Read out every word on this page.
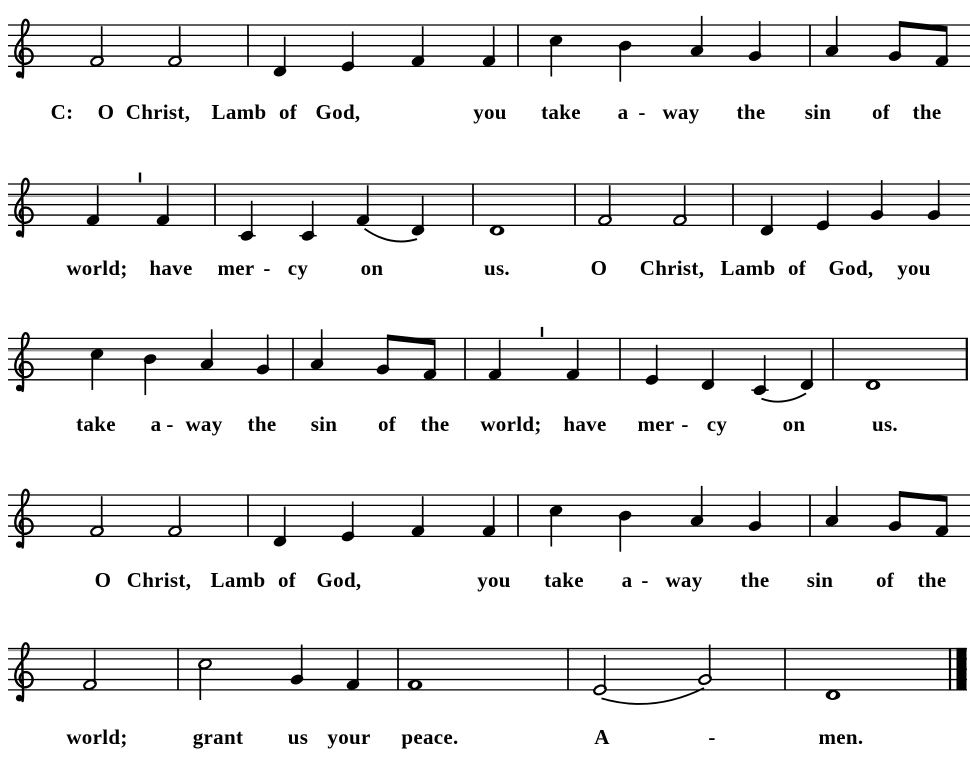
C: O Christ, Lamb of God,	you take a - way the sin of the
world; have mer - cy on	us.	O Christ, Lamb of God, you
take a - way the sin of the world; have mer - cy	on	us.
O Christ, Lamb of God,	you take a - way the sin of the
world;	grant us your peace.	A	-	men.
